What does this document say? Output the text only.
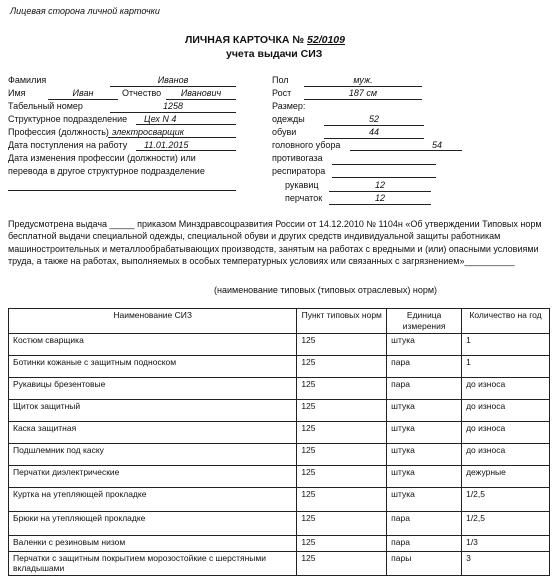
Лицевая сторона личной карточки
ЛИЧНАЯ КАРТОЧКА № 52/0109
учета выдачи СИЗ
Фамилия	Иванов
Имя	Иван	Отчество	Иванович
Табельный номер	1258
Структурное подразделение	Цех N 4
Профессия (должность) электросварщик
Дата поступления на работу	11.01.2015
Дата изменения профессии (должности) или
перевода в другое структурное подразделение
Пол	муж.
Рост	187 см
Размер:
одежды	52
обуви	44
головного убора	54
противогаза
респиратора
рукавиц	12
перчаток	12

Предусмотрена выдача _____ приказом Минздравсоцразвития России от 14.12.2010 № 1104н «Об утверждении Типовых норм бесплатной выдачи специальной одежды, специальной обуви и других средств индивидуальной защиты работникам машиностроительных и металлообрабатывающих производств, занятым на работах с вредными и (или) опасными условиями труда, а также на работах, выполняемых в особых температурных условиях или связанных с загрязнением»__________

(наименование типовых (типовых отраслевых) норм)
Наименование СИЗ	Пункт типовых норм	Единица измерения	Количество на год
Костюм сварщика	125	штука	1
Ботинки кожаные с защитным подноском	125	пара	1
Рукавицы брезентовые	125	пара	до износа
Щиток защитный	125	штука	до износа
Каска защитная	125	штука	до износа
Подшлемник под каску	125	штука	до износа
Перчатки диэлектрические	125	штука	дежурные
Куртка на утепляющей прокладке	125	штука	1/2,5
Брюки на утепляющей прокладке	125	пара	1/2,5
Валенки с резиновым низом	125	пара	1/3
Перчатки с защитным покрытием морозостойкие с шерстяными вкладышами	125	пары	3
